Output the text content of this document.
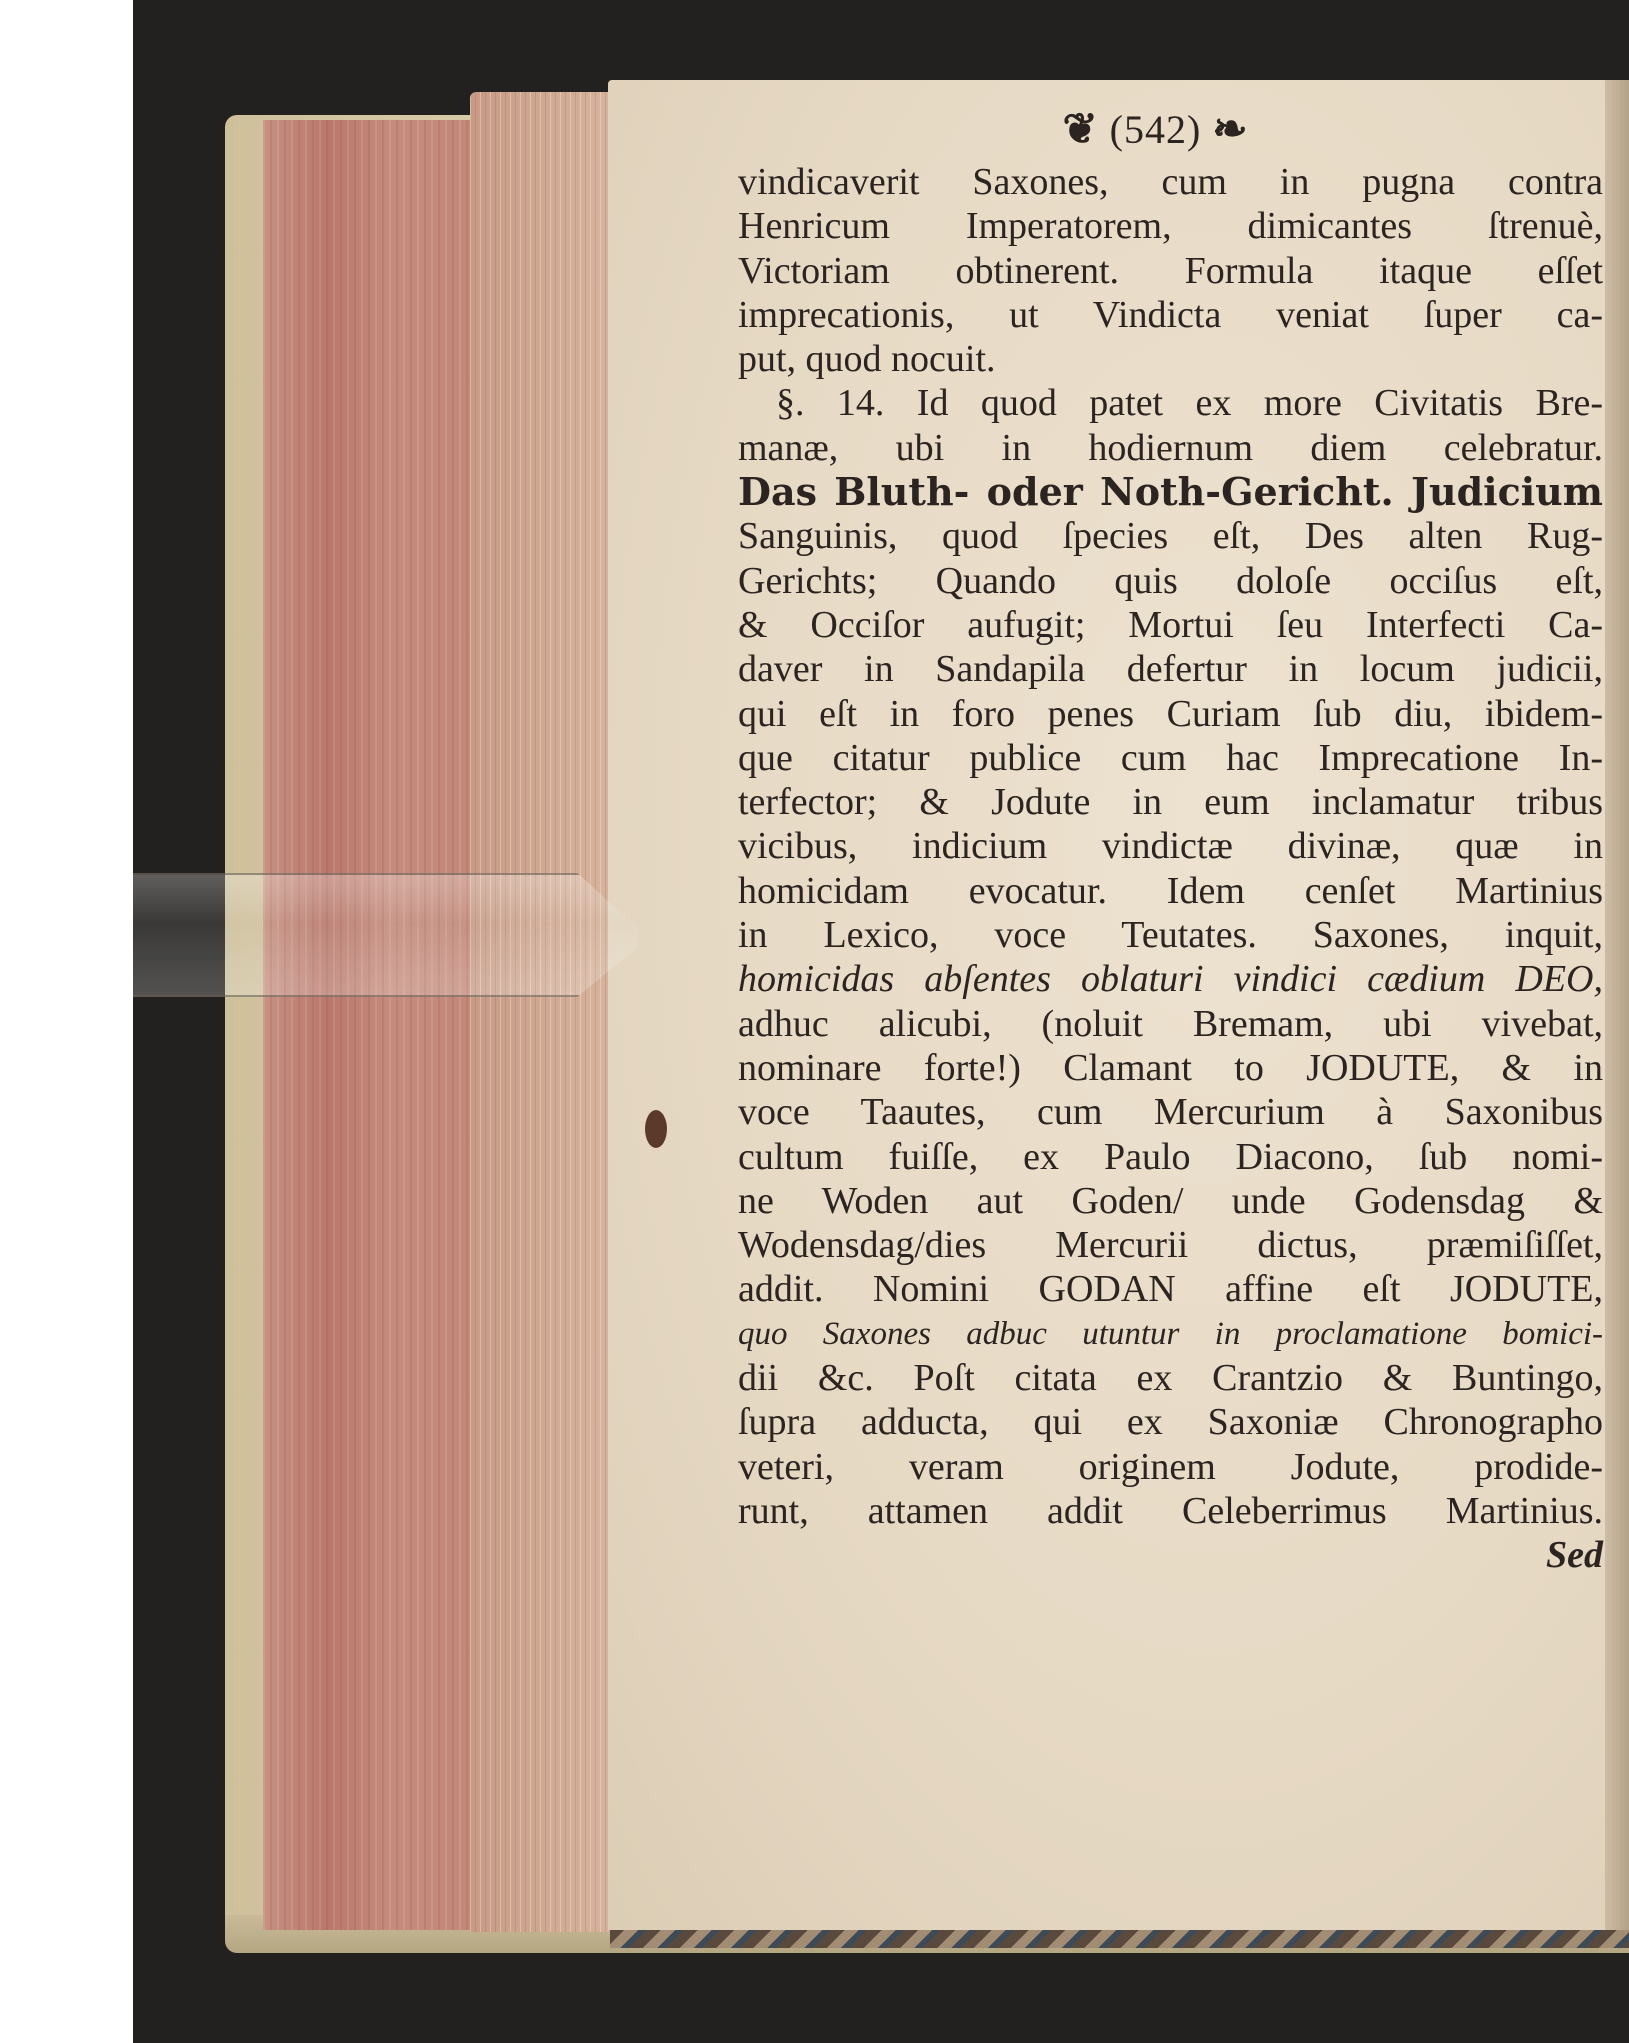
❦ (542) ❧
vindicaverit Saxones, cum in pugna contra
Henricum Imperatorem, dimicantes ſtrenuè,
Victoriam obtinerent. Formula itaque eſſet
imprecationis, ut Vindicta veniat ſuper ca-
put, quod nocuit.
§. 14. Id quod patet ex more Civitatis Bre-
manæ, ubi in hodiernum diem celebratur.
Das Bluth- oder Noth-Gericht. Judicium
Sanguinis, quod ſpecies eſt, Des alten Rug-
Gerichts; Quando quis doloſe occiſus eſt,
& Occiſor aufugit; Mortui ſeu Interfecti Ca-
daver in Sandapila defertur in locum judicii,
qui eſt in foro penes Curiam ſub diu, ibidem-
que citatur publice cum hac Imprecatione In-
terfector; & Jodute in eum inclamatur tribus
vicibus, indicium vindictæ divinæ, quæ in
homicidam evocatur. Idem cenſet Martinius
in Lexico, voce Teutates. Saxones, inquit,
homicidas abſentes oblaturi vindici cædium DEO,
adhuc alicubi, (noluit Bremam, ubi vivebat,
nominare forte!) Clamant to JODUTE, & in
voce Taautes, cum Mercurium à Saxonibus
cultum fuiſſe, ex Paulo Diacono, ſub nomi-
ne Woden aut Goden/ unde Godensdag &
Wodensdag/dies Mercurii dictus, præmiſiſſet,
addit. Nomini GODAN affine eſt JODUTE,
quo Saxones adbuc utuntur in proclamatione bomici-
dii &c. Poſt citata ex Crantzio & Buntingo,
ſupra adducta, qui ex Saxoniæ Chronographo
veteri, veram originem Jodute, prodide-
runt, attamen addit Celeberrimus Martinius.
Sed
